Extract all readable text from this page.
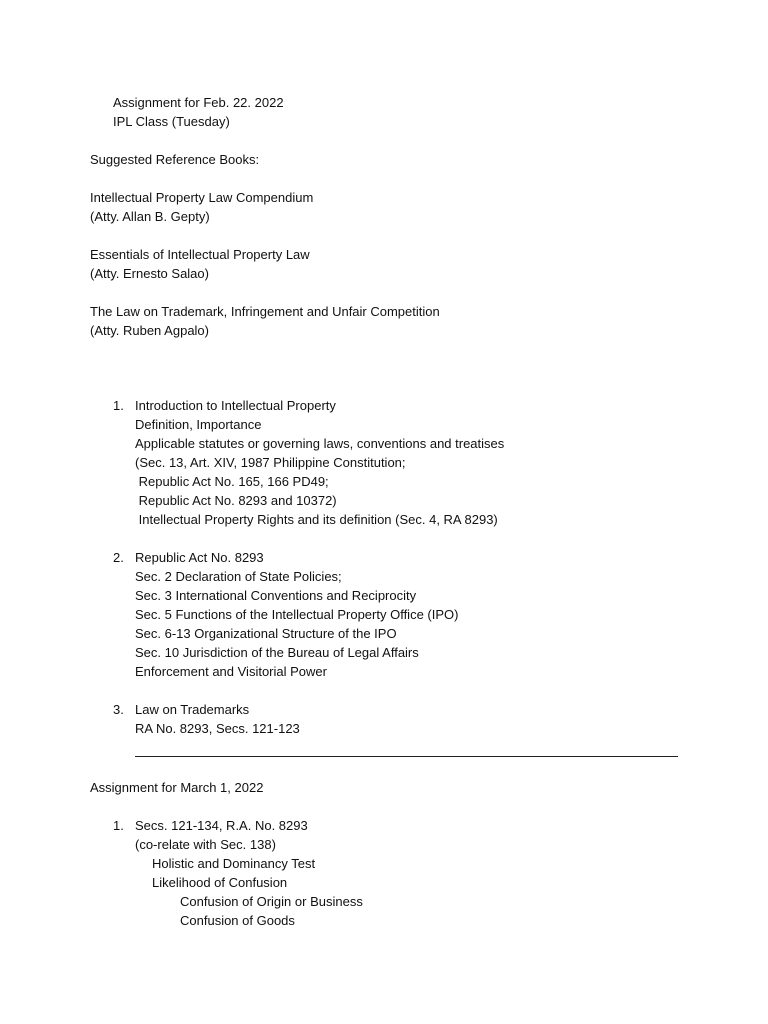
Assignment for Feb. 22. 2022
IPL Class (Tuesday)
Suggested Reference Books:
Intellectual Property Law Compendium
(Atty. Allan B. Gepty)
Essentials of Intellectual Property Law
(Atty. Ernesto Salao)
The Law on Trademark, Infringement and Unfair Competition
(Atty. Ruben Agpalo)
1. Introduction to Intellectual Property
Definition, Importance
Applicable statutes or governing laws, conventions and treatises
(Sec. 13, Art. XIV, 1987 Philippine Constitution;
Republic Act No. 165, 166 PD49;
Republic Act No. 8293 and 10372)
Intellectual Property Rights and its definition (Sec. 4, RA 8293)
2. Republic Act No. 8293
Sec. 2 Declaration of State Policies;
Sec. 3 International Conventions and Reciprocity
Sec. 5 Functions of the Intellectual Property Office (IPO)
Sec. 6-13 Organizational Structure of the IPO
Sec. 10 Jurisdiction of the Bureau of Legal Affairs
Enforcement and Visitorial Power
3. Law on Trademarks
RA No. 8293, Secs. 121-123
Assignment for March 1, 2022
1. Secs. 121-134, R.A. No. 8293
(co-relate with Sec. 138)
Holistic and Dominancy Test
Likelihood of Confusion
Confusion of Origin or Business
Confusion of Goods
